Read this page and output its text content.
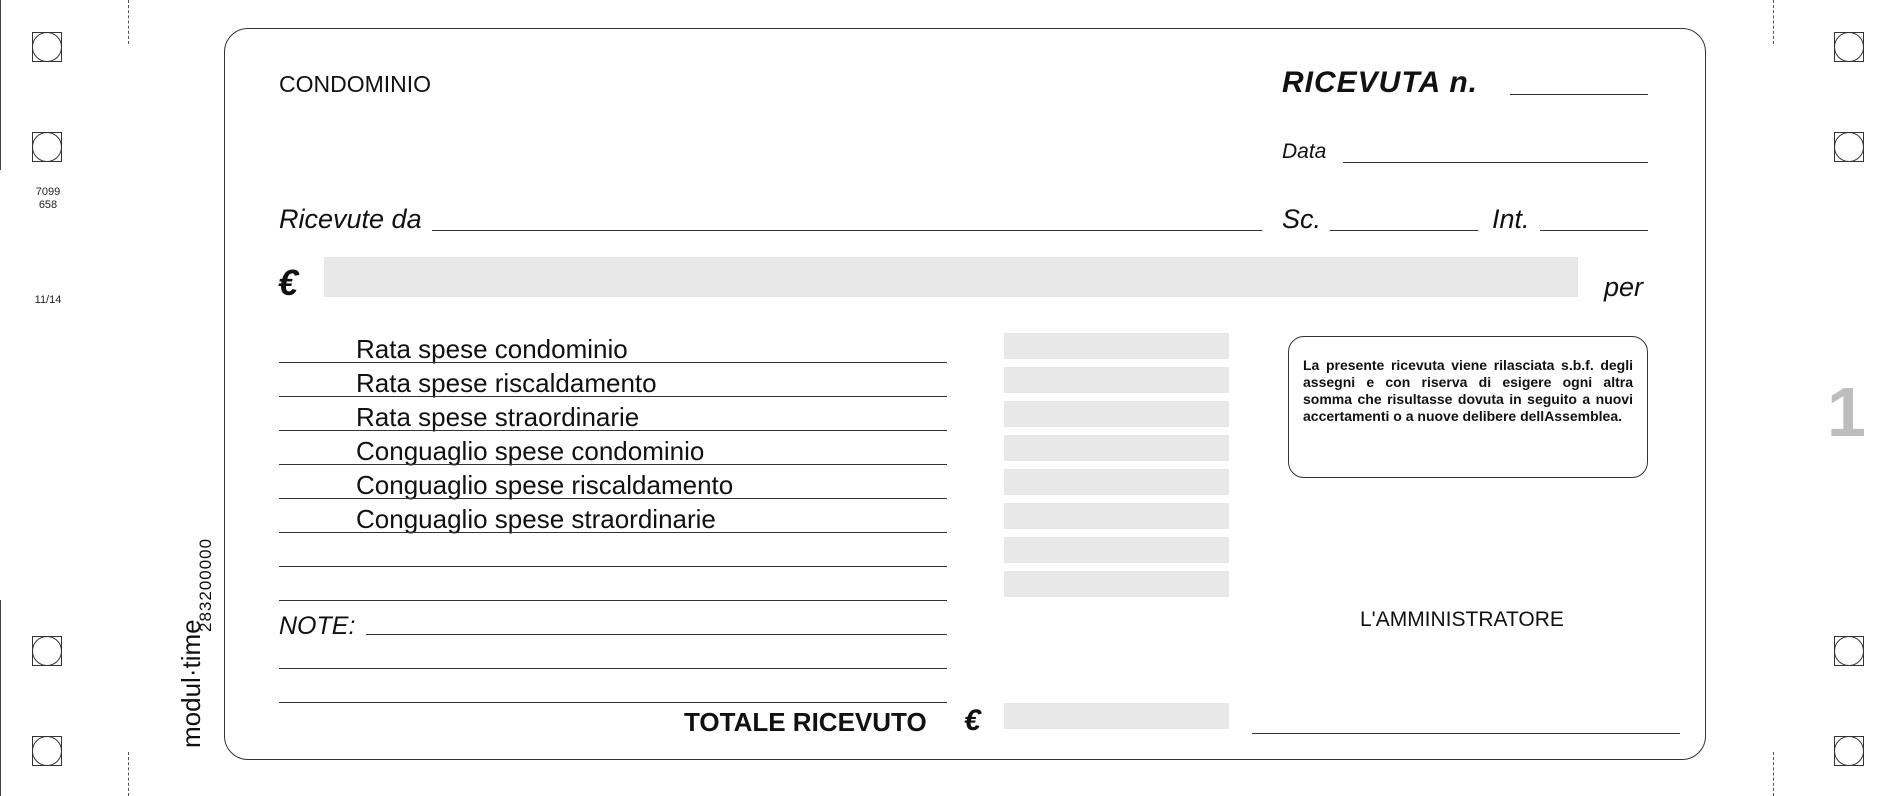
7099
658
11/14
283200000
modul·time
1
CONDOMINIO	RICEVUTA n.
Data
Ricevute da	Sc.	Int.
€	per
Rata spese condominio
Rata spese riscaldamento
Rata spese straordinarie
Conguaglio spese condominio
Conguaglio spese riscaldamento
Conguaglio spese straordinarie
NOTE:
TOTALE RICEVUTO €
La presente ricevuta viene rilasciata s.b.f. degli assegni e con riserva di esigere ogni altra somma che risultasse dovuta in seguito a nuovi accertamenti o a nuove delibere dellAssemblea.
L'AMMINISTRATORE
